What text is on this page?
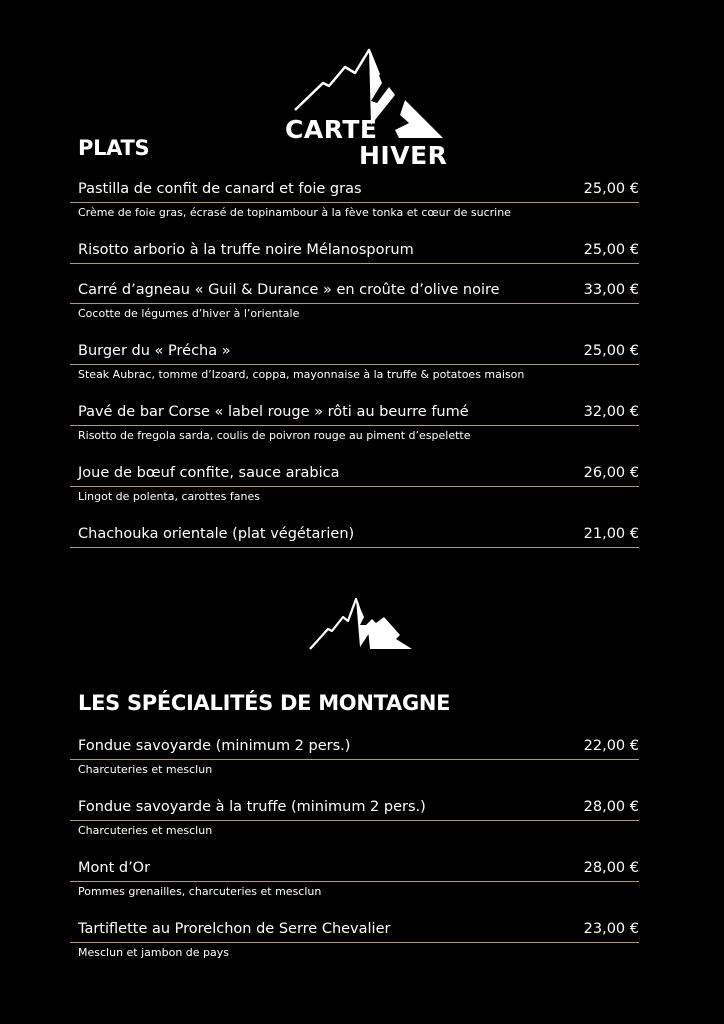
CARTE
HIVER
PLATS
Pastilla de confit de canard et foie gras	25,00 €
Crème de foie gras, écrasé de topinambour à la fève tonka et cœur de sucrine
Risotto arborio à la truffe noire Mélanosporum	25,00 €
Carré d’agneau « Guil & Durance » en croûte d’olive noire	33,00 €
Cocotte de légumes d’hiver à l’orientale
Burger du « Précha »	25,00 €
Steak Aubrac, tomme d’Izoard, coppa, mayonnaise à la truffe & potatoes maison
Pavé de bar Corse « label rouge » rôti au beurre fumé	32,00 €
Risotto de fregola sarda, coulis de poivron rouge au piment d’espelette
Joue de bœuf confite, sauce arabica	26,00 €
Lingot de polenta, carottes fanes
Chachouka orientale (plat végétarien)	21,00 €
LES SPÉCIALITÉS DE MONTAGNE
Fondue savoyarde (minimum 2 pers.)	22,00 €
Charcuteries et mesclun
Fondue savoyarde à la truffe (minimum 2 pers.)	28,00 €
Charcuteries et mesclun
Mont d’Or	28,00 €
Pommes grenailles, charcuteries et mesclun
Tartiflette au Prorelchon de Serre Chevalier	23,00 €
Mesclun et jambon de pays
